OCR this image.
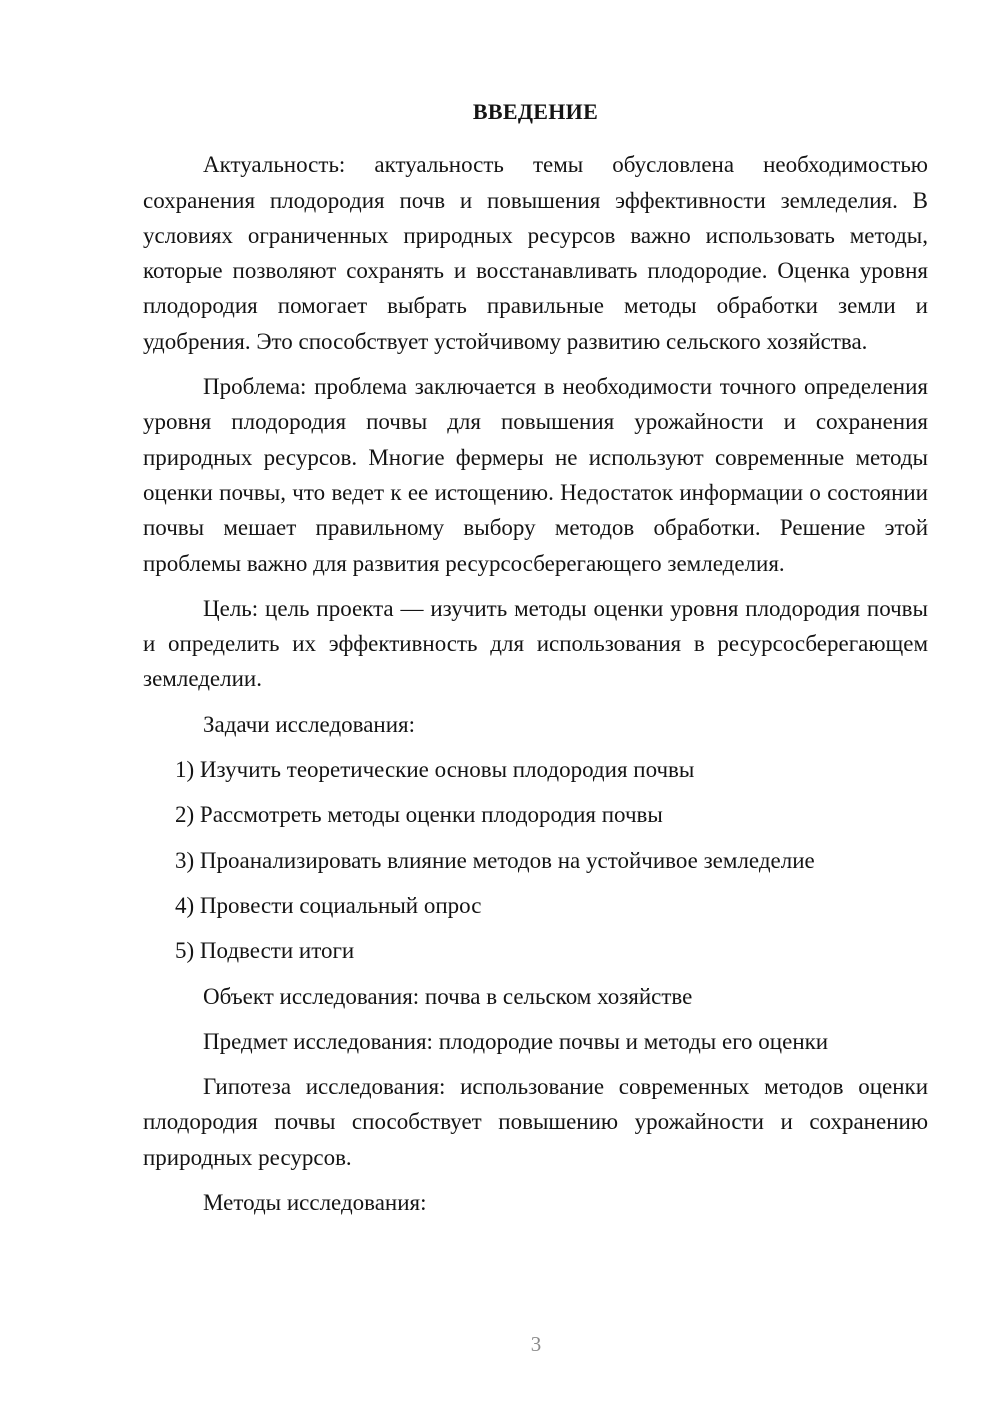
ВВЕДЕНИЕ

Актуальность: актуальность темы обусловлена необходимостью сохранения плодородия почв и повышения эффективности земледелия. В условиях ограниченных природных ресурсов важно использовать методы, которые позволяют сохранять и восстанавливать плодородие. Оценка уровня плодородия помогает выбрать правильные методы обработки земли и удобрения. Это способствует устойчивому развитию сельского хозяйства.

Проблема: проблема заключается в необходимости точного определения уровня плодородия почвы для повышения урожайности и сохранения природных ресурсов. Многие фермеры не используют современные методы оценки почвы, что ведет к ее истощению. Недостаток информации о состоянии почвы мешает правильному выбору методов обработки. Решение этой проблемы важно для развития ресурсосберегающего земледелия.

Цель: цель проекта — изучить методы оценки уровня плодородия почвы и определить их эффективность для использования в ресурсосберегающем земледелии.

Задачи исследования:

1) Изучить теоретические основы плодородия почвы
2) Рассмотреть методы оценки плодородия почвы
3) Проанализировать влияние методов на устойчивое земледелие
4) Провести социальный опрос
5) Подвести итоги

Объект исследования: почва в сельском хозяйстве

Предмет исследования: плодородие почвы и методы его оценки

Гипотеза исследования: использование современных методов оценки плодородия почвы способствует повышению урожайности и сохранению природных ресурсов.

Методы исследования:

3
